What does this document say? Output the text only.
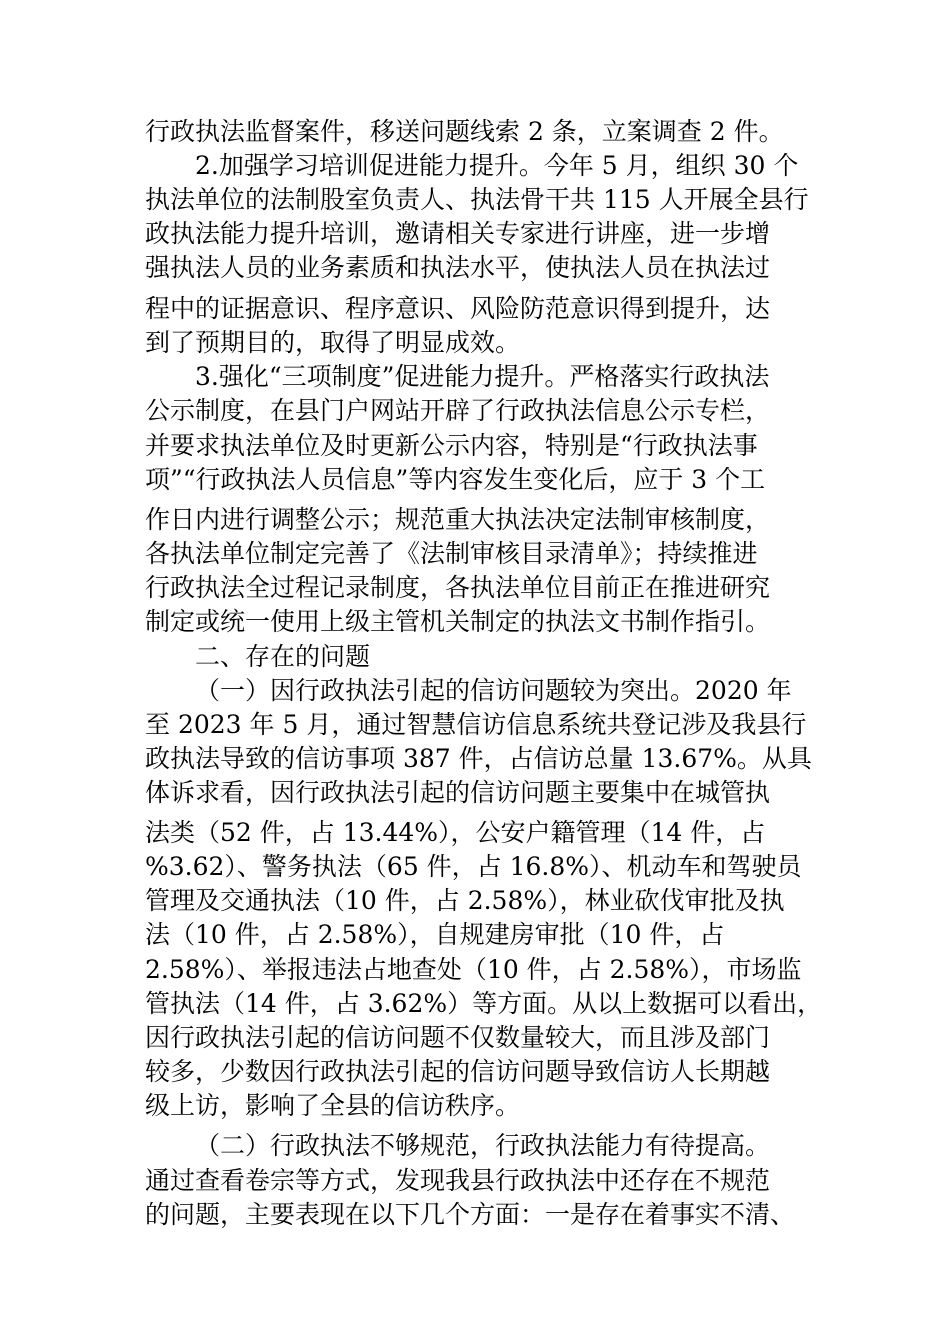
行政执法监督案件，移送问题线索 2 条，立案调查 2 件。
2.加强学习培训促进能力提升。今年 5 月，组织 30 个
执法单位的法制股室负责人、执法骨干共 115 人开展全县行
政执法能力提升培训，邀请相关专家进行讲座，进一步增
强执法人员的业务素质和执法水平，使执法人员在执法过
程中的证据意识、程序意识、风险防范意识得到提升，达
到了预期目的，取得了明显成效。
3.强化“三项制度”促进能力提升。严格落实行政执法
公示制度，在县门户网站开辟了行政执法信息公示专栏，
并要求执法单位及时更新公示内容，特别是“行政执法事
项”“行政执法人员信息”等内容发生变化后，应于 3 个工
作日内进行调整公示；规范重大执法决定法制审核制度，
各执法单位制定完善了《法制审核目录清单》；持续推进
行政执法全过程记录制度，各执法单位目前正在推进研究
制定或统一使用上级主管机关制定的执法文书制作指引。
二、存在的问题
（一）因行政执法引起的信访问题较为突出。2020 年
至 2023 年 5 月，通过智慧信访信息系统共登记涉及我县行
政执法导致的信访事项 387 件，占信访总量 13.67%。从具
体诉求看，因行政执法引起的信访问题主要集中在城管执
法类（52 件，占 13.44%），公安户籍管理（14 件，占
%3.62）、警务执法（65 件，占 16.8%）、机动车和驾驶员
管理及交通执法（10 件，占 2.58%），林业砍伐审批及执
法（10 件，占 2.58%），自规建房审批（10 件，占
2.58%）、举报违法占地查处（10 件，占 2.58%），市场监
管执法（14 件，占 3.62%）等方面。从以上数据可以看出，
因行政执法引起的信访问题不仅数量较大，而且涉及部门
较多，少数因行政执法引起的信访问题导致信访人长期越
级上访，影响了全县的信访秩序。
（二）行政执法不够规范，行政执法能力有待提高。
通过查看卷宗等方式，发现我县行政执法中还存在不规范
的问题，主要表现在以下几个方面：一是存在着事实不清、
